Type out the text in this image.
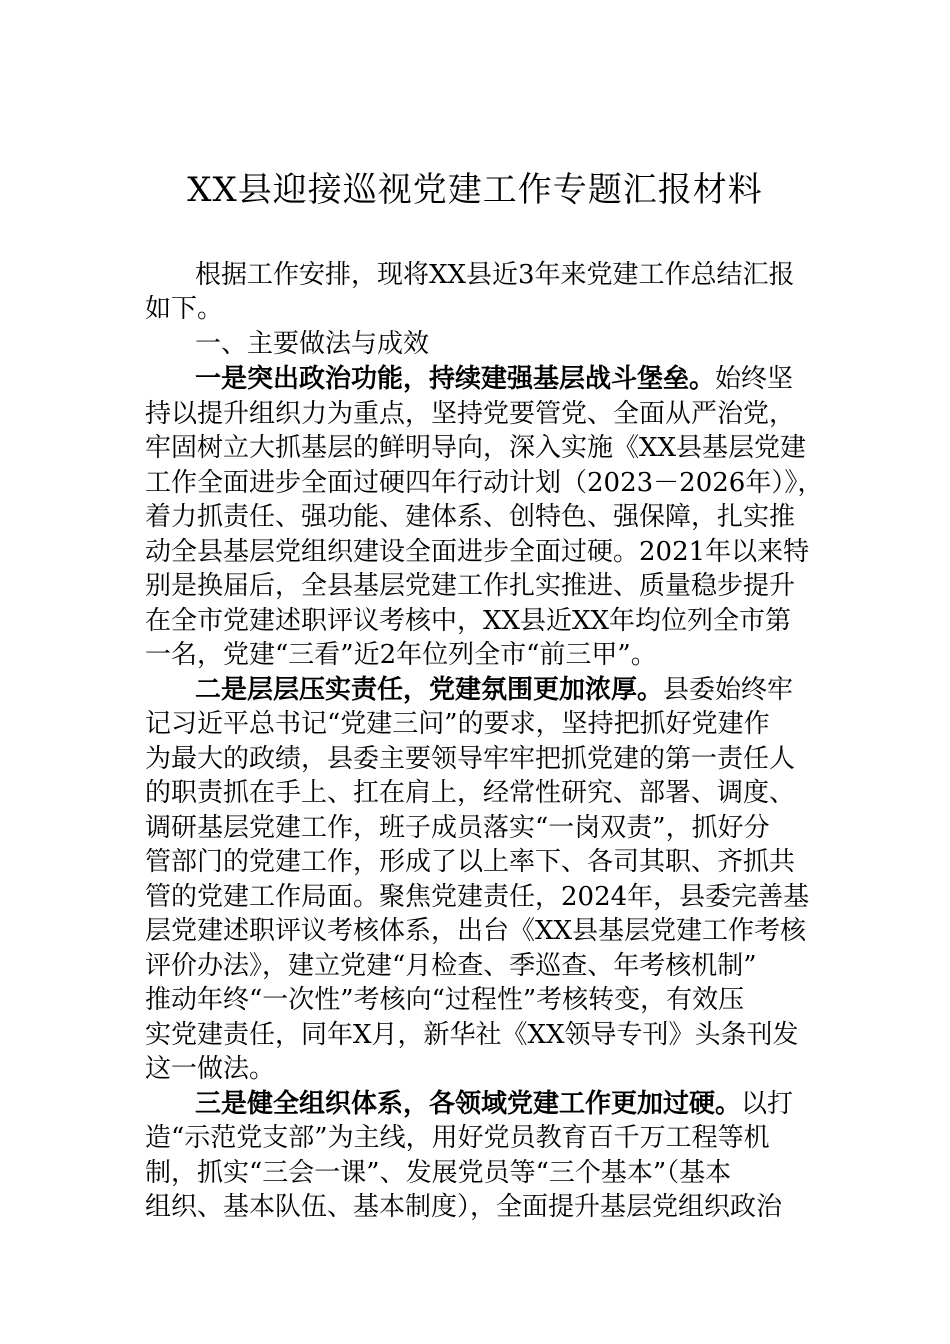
XX县迎接巡视党建工作专题汇报材料
根据工作安排，现将XX县近3年来党建工作总结汇报
如下。
一、主要做法与成效
一是突出政治功能，持续建强基层战斗堡垒。始终坚
持以提升组织力为重点，坚持党要管党、全面从严治党，
牢固树立大抓基层的鲜明导向，深入实施《XX县基层党建
工作全面进步全面过硬四年行动计划（2023－2026年）》，
着力抓责任、强功能、建体系、创特色、强保障，扎实推
动全县基层党组织建设全面进步全面过硬。2021年以来特
别是换届后，全县基层党建工作扎实推进、质量稳步提升
在全市党建述职评议考核中，XX县近XX年均位列全市第
一名，党建“三看”近2年位列全市“前三甲”。
二是层层压实责任，党建氛围更加浓厚。县委始终牢
记习近平总书记“党建三问”的要求，坚持把抓好党建作
为最大的政绩，县委主要领导牢牢把抓党建的第一责任人
的职责抓在手上、扛在肩上，经常性研究、部署、调度、
调研基层党建工作，班子成员落实“一岗双责”，抓好分
管部门的党建工作，形成了以上率下、各司其职、齐抓共
管的党建工作局面。聚焦党建责任，2024年，县委完善基
层党建述职评议考核体系，出台《XX县基层党建工作考核
评价办法》，建立党建“月检查、季巡查、年考核机制”
推动年终“一次性”考核向“过程性”考核转变，有效压
实党建责任，同年X月，新华社《XX领导专刊》头条刊发
这一做法。
三是健全组织体系，各领域党建工作更加过硬。以打
造“示范党支部”为主线，用好党员教育百千万工程等机
制，抓实“三会一课”、发展党员等“三个基本”（基本
组织、基本队伍、基本制度），全面提升基层党组织政治
